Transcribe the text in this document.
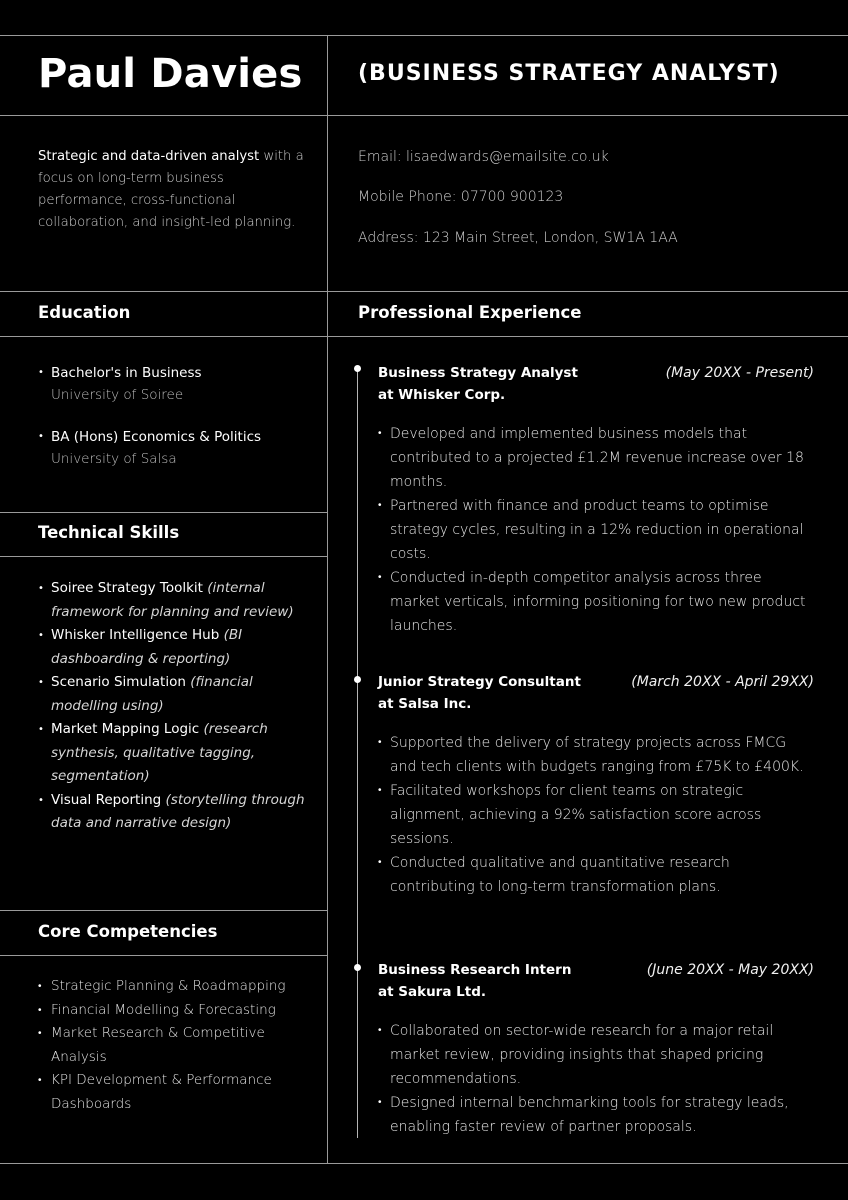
Paul Davies	(BUSINESS STRATEGY ANALYST)
Strategic and data-driven analyst with a focus on long-term business performance, cross-functional collaboration, and insight-led planning.
Email: lisaedwards@emailsite.co.uk
Mobile Phone: 07700 900123
Address: 123 Main Street, London, SW1A 1AA
Education	Professional Experience
Technical Skills
Core Competencies
• Bachelor's in Business
University of Soiree
• BA (Hons) Economics & Politics
University of Salsa
• Soiree Strategy Toolkit (internal framework for planning and review)
• Whisker Intelligence Hub (BI dashboarding & reporting)
• Scenario Simulation (financial modelling using)
• Market Mapping Logic (research synthesis, qualitative tagging, segmentation)
• Visual Reporting (storytelling through data and narrative design)
• Strategic Planning & Roadmapping
• Financial Modelling & Forecasting
• Market Research & Competitive Analysis
• KPI Development & Performance Dashboards
Business Strategy Analyst at Whisker Corp.
(May 20XX - Present)
• Developed and implemented business models that contributed to a projected £1.2M revenue increase over 18 months.
• Partnered with finance and product teams to optimise strategy cycles, resulting in a 12% reduction in operational costs.
• Conducted in-depth competitor analysis across three market verticals, informing positioning for two new product launches.
Junior Strategy Consultant at Salsa Inc.
(March 20XX - April 29XX)
• Supported the delivery of strategy projects across FMCG and tech clients with budgets ranging from £75K to £400K.
• Facilitated workshops for client teams on strategic alignment, achieving a 92% satisfaction score across sessions.
• Conducted qualitative and quantitative research contributing to long-term transformation plans.
Business Research Intern at Sakura Ltd.
(June 20XX - May 20XX)
• Collaborated on sector-wide research for a major retail market review, providing insights that shaped pricing recommendations.
• Designed internal benchmarking tools for strategy leads, enabling faster review of partner proposals.
